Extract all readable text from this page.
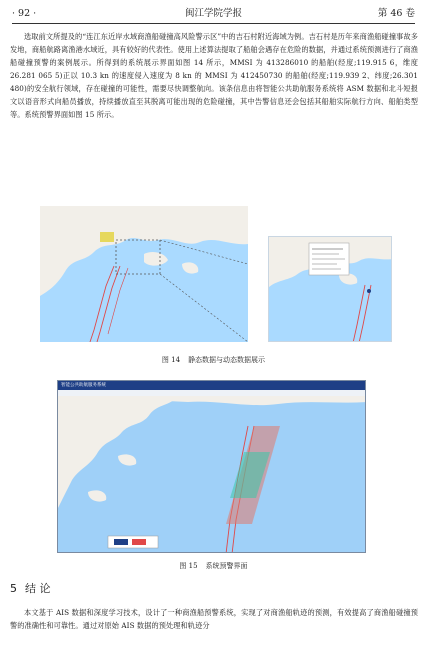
· 92 ·	闽江学院学报	第 46 卷

选取前文所提及的“连江东近岸水域商渔船碰撞高风险警示区”中的吉石村附近海域为例。吉石村是历年来商渔船碰撞事故多发地，商船航路离渔港水域近，具有较好的代表性。使用上述算法提取了船舶会遇存在危险的数据，并通过系统预测进行了商渔船碰撞预警的案例展示。所得到的系统展示界面如图 14 所示，MMSI 为 413286010 的船舶(经度;119.915 6，维度 26.281 065 5)正以 10.3 kn 的速度侵入速度为 8 kn 的 MMSI 为 412450730 的船舶(经度;119.939 2、纬度;26.301 480)的安全航行领域，存在碰撞的可能性，需要尽快调整航向。该条信息由将智能公共助航服务系统将 ASM 数据和北斗短报文以语音形式向船员播放，持续播放直至其脱离可能出现的危险碰撞，其中告警信息还会包括其船舶实际航行方向、船舶类型等。系统预警界面如图 15 所示。

图 14 静态数据与动态数据展示
智能公共助航服务系统
图 15 系统预警界面
5 结 论

本文基于 AIS 数据和深度学习技术，设计了一种商渔船预警系统，实现了对商渔船轨迹的预测，有效提高了商渔船碰撞预警的准确性和可靠性。通过对原始 AIS 数据的预处理和轨迹分
